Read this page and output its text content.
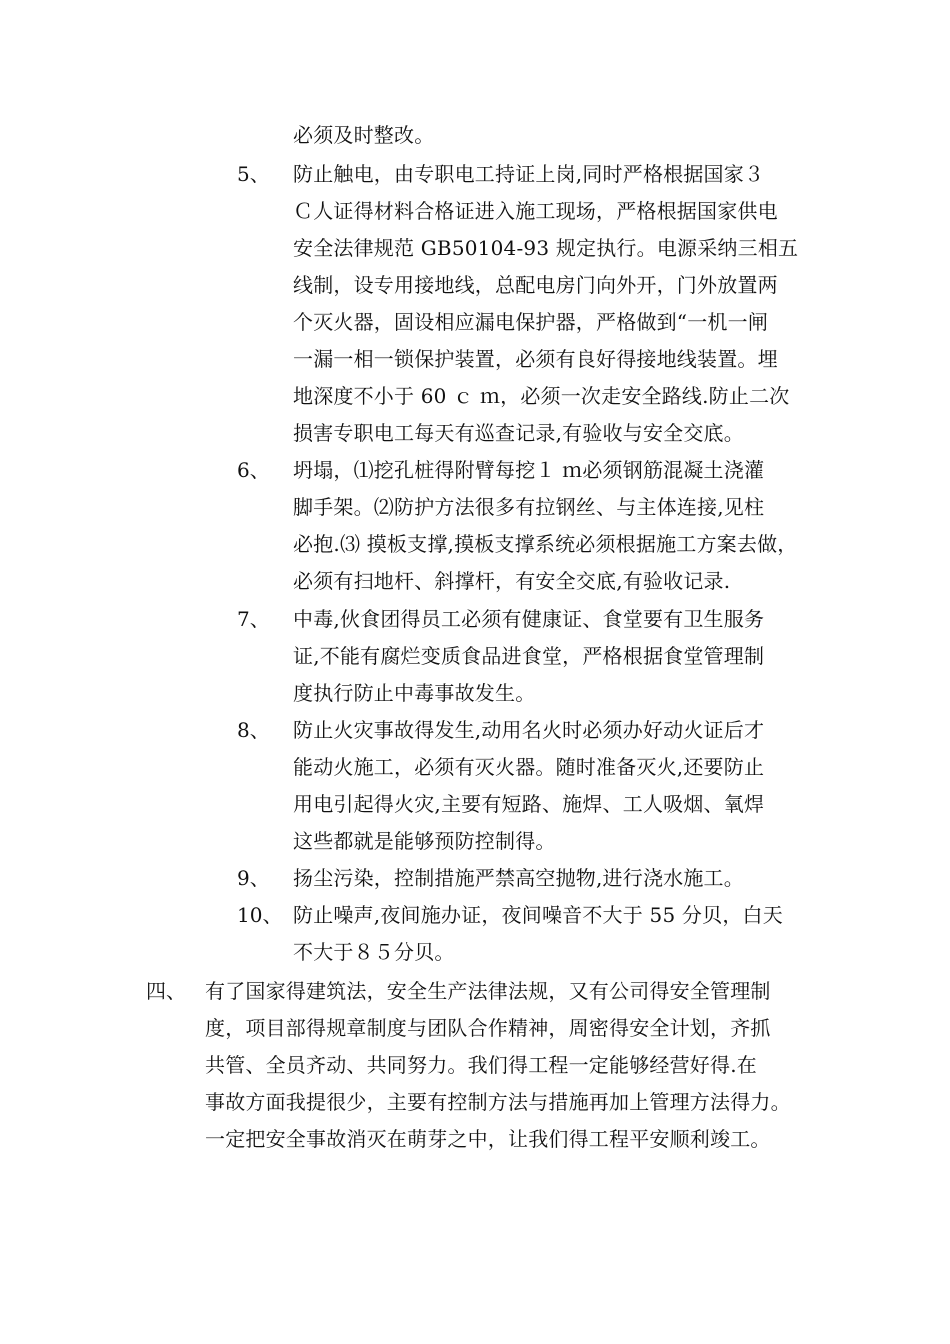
必须及时整改。
5、 防止触电，由专职电工持证上岗,同时严格根据国家３
Ｃ人证得材料合格证进入施工现场，严格根据国家供电
安全法律规范 GB50104-93 规定执行。电源采纳三相五
线制，设专用接地线，总配电房门向外开，门外放置两
个灭火器，固设相应漏电保护器，严格做到“一机一闸
一漏一相一锁保护装置，必须有良好得接地线装置。埋
地深度不小于 60 ｃ ｍ，必须一次走安全路线.防止二次
损害专职电工每天有巡查记录,有验收与安全交底。
6、 坍塌，⑴挖孔桩得附臂每挖１ ｍ必须钢筋混凝土浇灌
脚手架。⑵防护方法很多有拉钢丝、与主体连接,见柱
必抱.⑶ 摸板支撑,摸板支撑系统必须根据施工方案去做，
必须有扫地杆、斜撑杆，有安全交底,有验收记录.
7、 中毒,伙食团得员工必须有健康证、食堂要有卫生服务
证,不能有腐烂变质食品进食堂，严格根据食堂管理制
度执行防止中毒事故发生。
8、 防止火灾事故得发生,动用名火时必须办好动火证后才
能动火施工，必须有灭火器。随时准备灭火,还要防止
用电引起得火灾,主要有短路、施焊、工人吸烟、氧焊
这些都就是能够预防控制得。
9、 扬尘污染，控制措施严禁高空抛物,进行浇水施工。
10、 防止噪声,夜间施办证，夜间噪音不大于 55 分贝，白天
不大于８５分贝。
四、 有了国家得建筑法，安全生产法律法规，又有公司得安全管理制
度，项目部得规章制度与团队合作精神，周密得安全计划，齐抓
共管、全员齐动、共同努力。我们得工程一定能够经营好得.在
事故方面我提很少，主要有控制方法与措施再加上管理方法得力。
一定把安全事故消灭在萌芽之中，让我们得工程平安顺利竣工。
